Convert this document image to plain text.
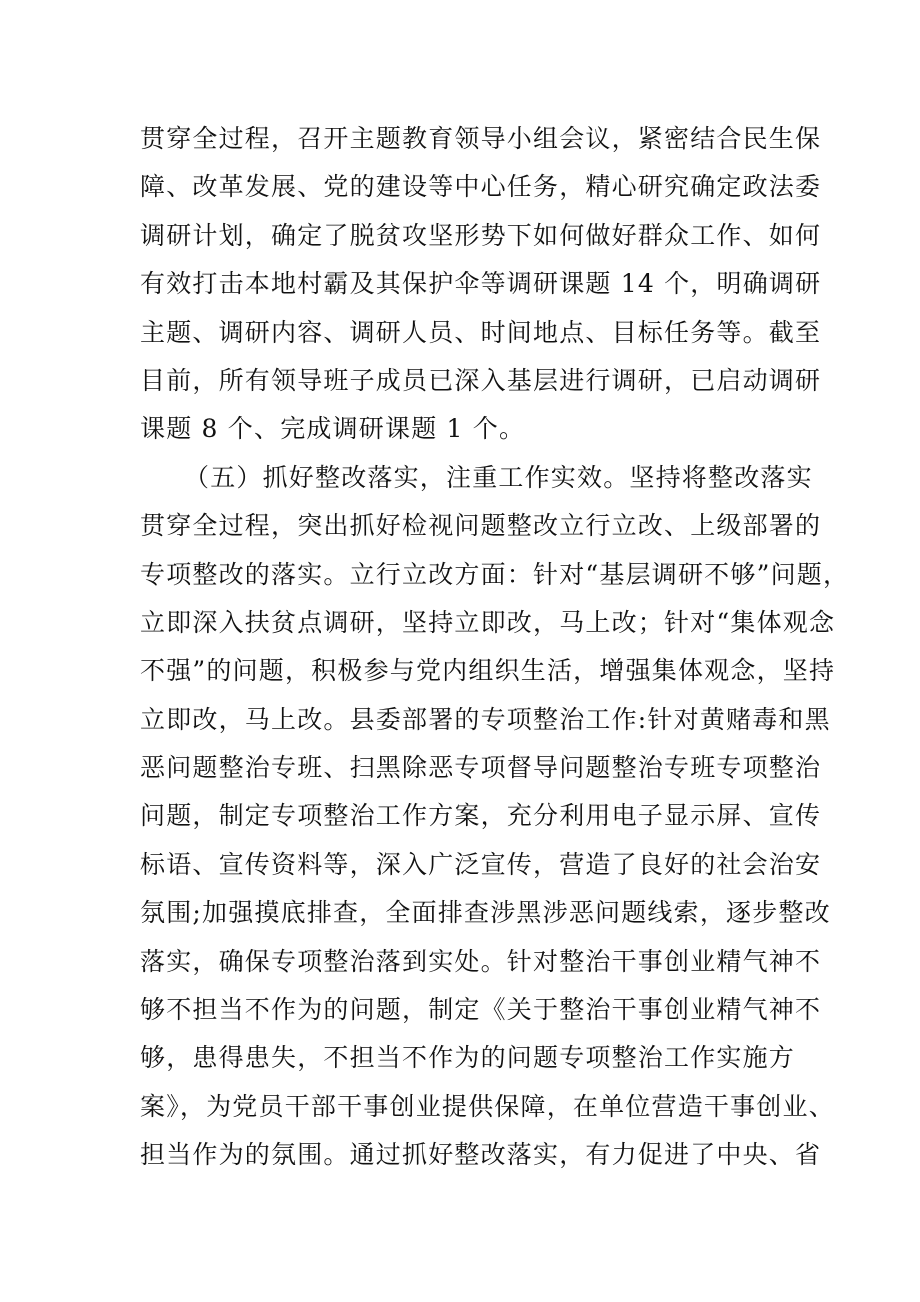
贯穿全过程，召开主题教育领导小组会议，紧密结合民生保
障、改革发展、党的建设等中心任务，精心研究确定政法委
调研计划，确定了脱贫攻坚形势下如何做好群众工作、如何
有效打击本地村霸及其保护伞等调研课题 14 个，明确调研
主题、调研内容、调研人员、时间地点、目标任务等。截至
目前，所有领导班子成员已深入基层进行调研，已启动调研
课题 8 个、完成调研课题 1 个。
（五）抓好整改落实，注重工作实效。坚持将整改落实
贯穿全过程，突出抓好检视问题整改立行立改、上级部署的
专项整改的落实。立行立改方面：针对“基层调研不够”问题，
立即深入扶贫点调研，坚持立即改，马上改；针对“集体观念
不强”的问题，积极参与党内组织生活，增强集体观念，坚持
立即改，马上改。县委部署的专项整治工作:针对黄赌毒和黑
恶问题整治专班、扫黑除恶专项督导问题整治专班专项整治
问题，制定专项整治工作方案，充分利用电子显示屏、宣传
标语、宣传资料等，深入广泛宣传，营造了良好的社会治安
氛围;加强摸底排查，全面排查涉黑涉恶问题线索，逐步整改
落实，确保专项整治落到实处。针对整治干事创业精气神不
够不担当不作为的问题，制定《关于整治干事创业精气神不
够，患得患失，不担当不作为的问题专项整治工作实施方
案》，为党员干部干事创业提供保障，在单位营造干事创业、
担当作为的氛围。通过抓好整改落实，有力促进了中央、省
